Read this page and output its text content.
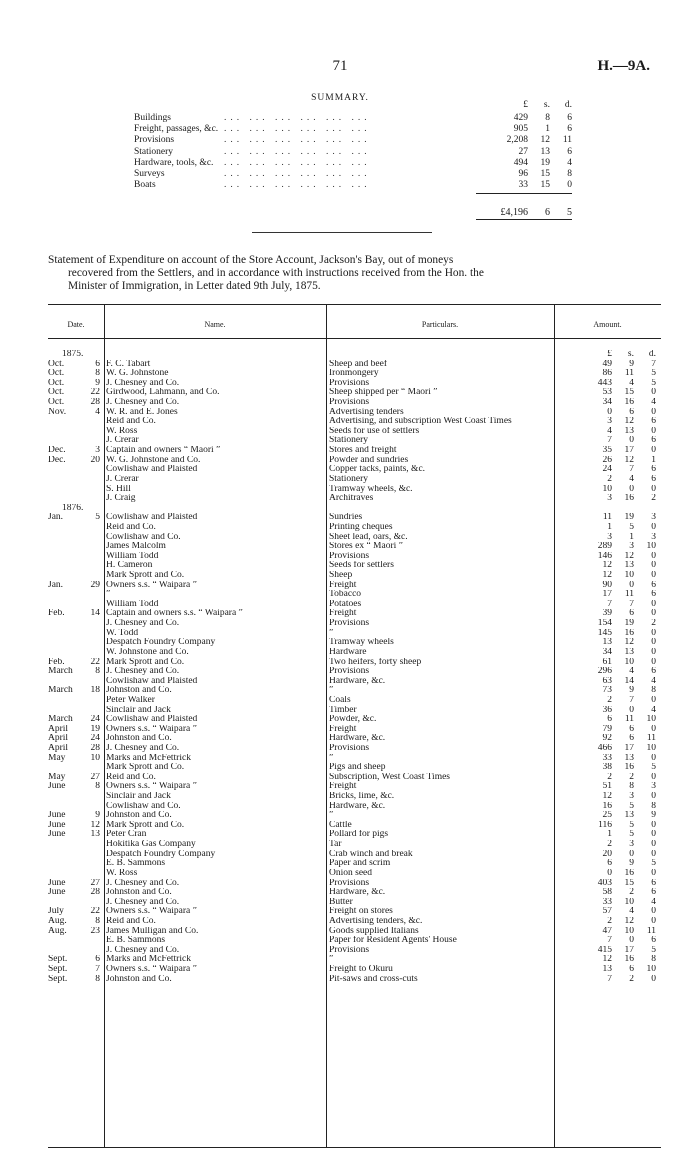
71	H.—9A.
SUMMARY.
£	s.	d.
Buildings	... ... ... ... ... ...	429	8	6
Freight, passages, &c. ... ... ... ... ... ...	905	1	6
Provisions	... ... ... ... ... ...	2,208	12	11
Stationery	... ... ... ... ... ...	27	13	6
Hardware, tools, &c. ... ... ... ... ... ...	494	19	4
Surveys	... ... ... ... ... ...	96	15	8
Boats	... ... ... ... ... ...	33	15	0
£4,196	6	5
Statement of Expenditure on account of the Store Account, Jackson's Bay, out of moneys
recovered from the Settlers, and in accordance with instructions received from the Hon. the
Minister of Immigration, in Letter dated 9th July, 1875.
Date.	Name.	Particulars.	Amount.
1875.	£	s.	d.
Oct.	6 F. C. Tabart	Sheep and beef	49	9	7
Oct.	8 W. G. Johnstone	Ironmongery	86	11	5
Oct.	9 J. Chesney and Co.	Provisions	443	4	5
Oct.	22 Girdwood, Lahmann, and Co.	Sheep shipped per “ Maori ”	53	15	0
Oct.	28 J. Chesney and Co.	Provisions	34	16	4
Nov.	4 W. R. and E. Jones	Advertising tenders	0	6	0
Reid and Co.	Advertising, and subscription West Coast Times	3	12	6
W. Ross	Seeds for use of settlers	4	13	0
J. Crerar	Stationery	7	0	6
Dec.	3 Captain and owners “ Maori ”	Stores and freight	35	17	0
Dec.	20 W. G. Johnstone and Co.	Powder and sundries	26	12	1
Cowlishaw and Plaisted	Copper tacks, paints, &c.	24	7	6
J. Crerar	Stationery	2	4	6
S. Hill	Tramway wheels, &c.	10	0	0
J. Craig	Architraves	3	16	2
1876.
Jan.	5 Cowlishaw and Plaisted	Sundries	11	19	3
Reid and Co.	Printing cheques	1	5	0
Cowlishaw and Co.	Sheet lead, oars, &c.	3	1	3
James Malcolm	Stores ex “ Maori ”	289	3	10
William Todd	Provisions	146	12	0
H. Cameron	Seeds for settlers	12	13	0
Mark Sprott and Co.	Sheep	12	10	0
Jan.	29 Owners s.s. “ Waipara ”	Freight	90	0	6
”	Tobacco	17	11	6
William Todd	Potatoes	7	7	0
Feb.	14 Captain and owners s.s. “ Waipara ”	Freight	39	6	0
J. Chesney and Co.	Provisions	154	19	2
W. Todd	”	145	16	0
Despatch Foundry Company	Tramway wheels	13	12	0
W. Johnstone and Co.	Hardware	34	13	0
Feb.	22 Mark Sprott and Co.	Two heifers, forty sheep	61	10	0
March	8 J. Chesney and Co.	Provisions	296	4	6
Cowlishaw and Plaisted	Hardware, &c.	63	14	4
March	18 Johnston and Co.	”	73	9	8
Peter Walker	Coals	2	7	0
Sinclair and Jack	Timber	36	0	4
March	24 Cowlishaw and Plaisted	Powder, &c.	6	11	10
April	19 Owners s.s. “ Waipara ”	Freight	79	6	0
April	24 Johnston and Co.	Hardware, &c.	92	6	11
April	28 J. Chesney and Co.	Provisions	466	17	10
May	10 Marks and McFettrick	”	33	13	0
Mark Sprott and Co.	Pigs and sheep	38	16	5
May	27 Reid and Co.	Subscription, West Coast Times	2	2	0
June	8 Owners s.s. “ Waipara ”	Freight	51	8	3
Sinclair and Jack	Bricks, lime, &c.	12	3	0
Cowlishaw and Co.	Hardware, &c.	16	5	8
June	9 Johnston and Co.	”	25	13	9
June	12 Mark Sprott and Co.	Cattle	116	5	0
June	13 Peter Cran	Pollard for pigs	1	5	0
Hokitika Gas Company	Tar	2	3	0
Despatch Foundry Company	Crab winch and break	20	0	0
E. B. Sammons	Paper and scrim	6	9	5
W. Ross	Onion seed	0	16	0
June	27 J. Chesney and Co.	Provisions	403	15	6
June	28 Johnston and Co.	Hardware, &c.	58	2	6
J. Chesney and Co.	Butter	33	10	4
July	22 Owners s.s. “ Waipara ”	Freight on stores	57	4	0
Aug.	8 Reid and Co.	Advertising tenders, &c.	2	12	0
Aug.	23 James Mulligan and Co.	Goods supplied Italians	47	10	11
E. B. Sammons	Paper for Resident Agents' House	7	0	6
J. Chesney and Co.	Provisions	415	17	5
Sept.	6 Marks and McFettrick	”	12	16	8
Sept.	7 Owners s.s. “ Waipara ”	Freight to Okuru	13	6	10
Sept.	8 Johnston and Co.	Pit-saws and cross-cuts	7	2	0
